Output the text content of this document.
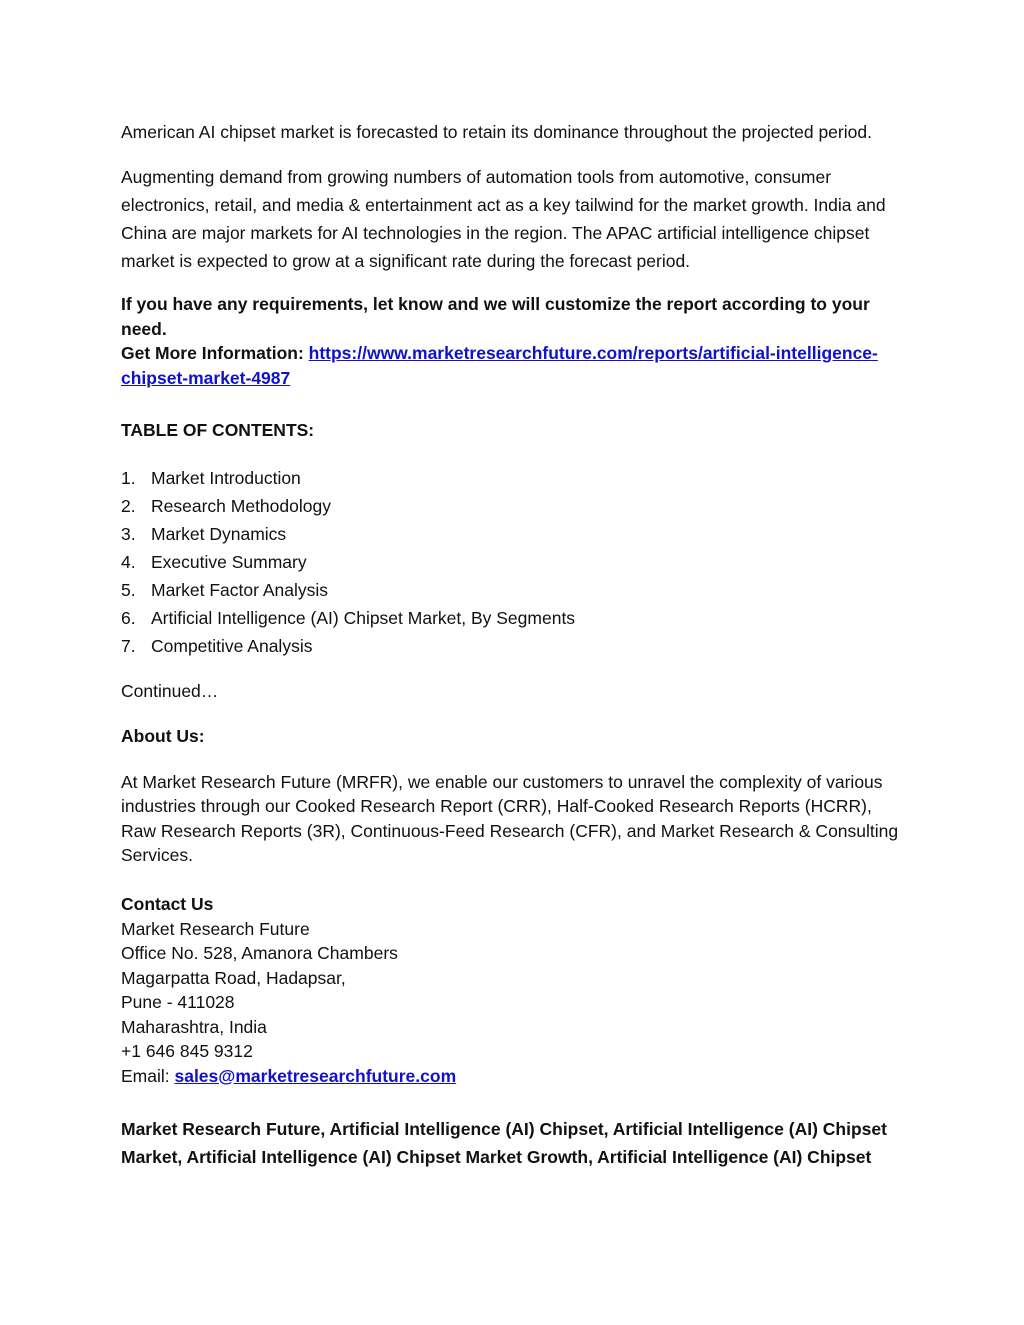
American AI chipset market is forecasted to retain its dominance throughout the projected period.

Augmenting demand from growing numbers of automation tools from automotive, consumer electronics, retail, and media & entertainment act as a key tailwind for the market growth. India and China are major markets for AI technologies in the region. The APAC artificial intelligence chipset market is expected to grow at a significant rate during the forecast period.

If you have any requirements, let know and we will customize the report according to your need.

Get More Information: https://www.marketresearchfuture.com/reports/artificial-intelligence-chipset-market-4987

TABLE OF CONTENTS:

1. Market Introduction
2. Research Methodology
3. Market Dynamics
4. Executive Summary
5. Market Factor Analysis
6. Artificial Intelligence (AI) Chipset Market, By Segments
7. Competitive Analysis

Continued…

About Us:

At Market Research Future (MRFR), we enable our customers to unravel the complexity of various industries through our Cooked Research Report (CRR), Half-Cooked Research Reports (HCRR), Raw Research Reports (3R), Continuous-Feed Research (CFR), and Market Research & Consulting Services.

Contact Us

Market Research Future

Office No. 528, Amanora Chambers

Magarpatta Road, Hadapsar,

Pune - 411028

Maharashtra, India

+1 646 845 9312

Email: sales@marketresearchfuture.com

Market Research Future, Artificial Intelligence (AI) Chipset, Artificial Intelligence (AI) Chipset Market, Artificial Intelligence (AI) Chipset Market Growth, Artificial Intelligence (AI) Chipset
